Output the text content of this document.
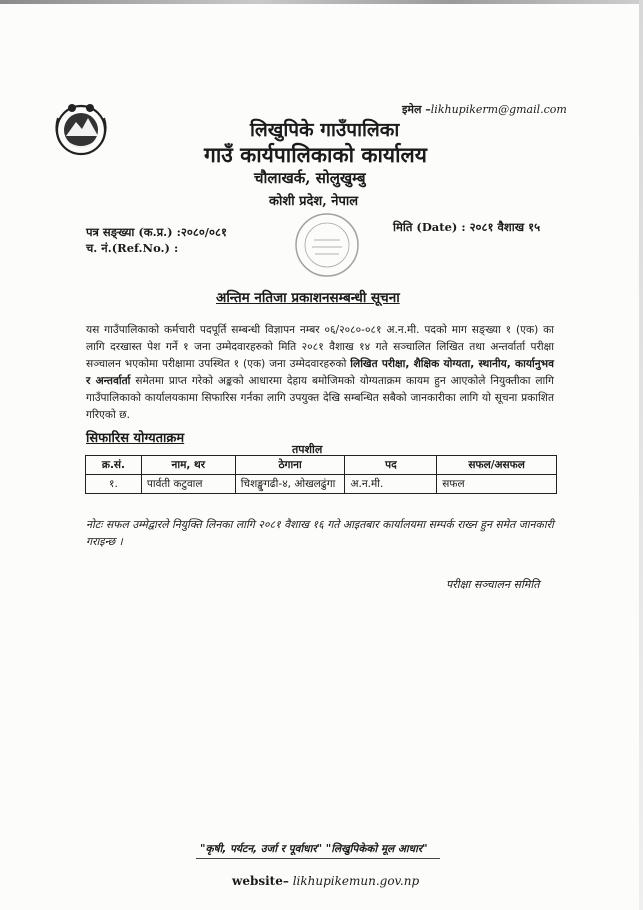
इमेल –likhupikerm@gmail.com
लिखुपिके गाउँपालिका
गाउँ कार्यपालिकाको कार्यालय
चौलाखर्क, सोलुखुम्बु
कोशी प्रदेश, नेपाल
पत्र सङ्ख्या (क.प्र.) :२०८०/०८१
च. नं.(Ref.No.) :
मिति (Date) : २०८१ वैशाख १५
अन्तिम नतिजा प्रकाशनसम्बन्धी सूचना
यस गाउँपालिकाको कर्मचारी पदपूर्ति सम्बन्धी विज्ञापन नम्बर ०६/२०८०-०८१ अ.न.मी. पदको माग सङ्ख्या १ (एक) का लागि दरखास्त पेश गर्ने १ जना उम्मेदवारहरुको मिति २०८१ वैशाख १४ गते सञ्चालित लिखित तथा अन्तर्वार्ता परीक्षा सञ्चालन भएकोमा परीक्षामा उपस्थित १ (एक) जना उम्मेदवारहरुको लिखित परीक्षा, शैक्षिक योग्यता, स्थानीय, कार्यानुभव र अन्तर्वार्ता समेतमा प्राप्त गरेको अङ्कको आधारमा देहाय बमोजिमको योग्यताक्रम कायम हुन आएकोले नियुक्तीका लागि गाउँपालिकाको कार्यालयकामा सिफारिस गर्नका लागि उपयुक्त देखि सम्बन्धित सबैको जानकारीका लागि यो सूचना प्रकाशित गरिएको छ.
सिफारिस योग्यताक्रम
तपशील
क्र.सं.	नाम, थर	ठेगाना	पद	सफल/असफल
१.	पार्वती कटुवाल	चिशङ्खुगढी-४, ओखलढुंगा	अ.न.मी.	सफल
नोटः सफल उम्मेद्वारले नियुक्ति लिनका लागि २०८१ वैशाख १६ गते आइतबार कार्यालयमा सम्पर्क राख्न हुन समेत जानकारी गराइन्छ ।
परीक्षा सञ्चालन समिति
"कृषी, पर्यटन, उर्जा र पूर्वाधार" "लिखुपिकेको मूल आधार"
website– likhupikemun.gov.np
